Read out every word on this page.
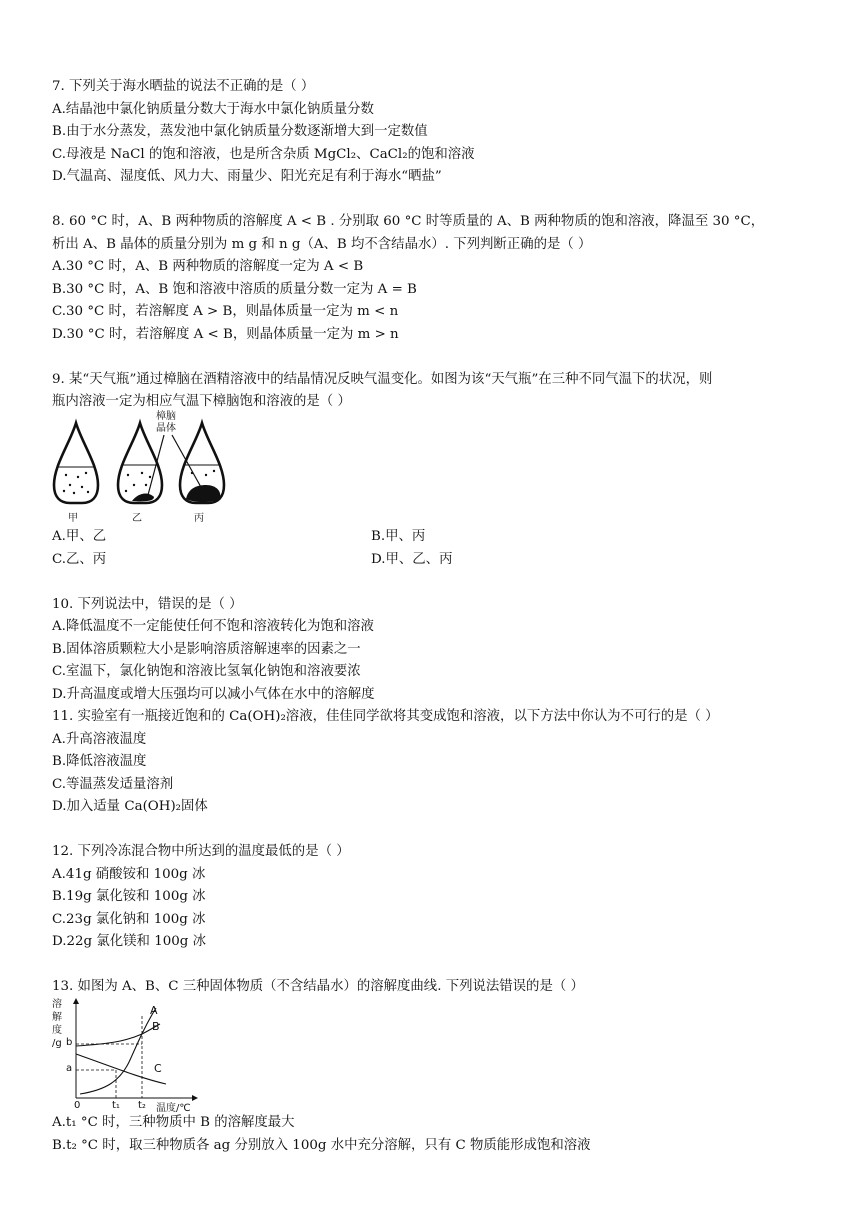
7. 下列关于海水晒盐的说法不正确的是（ ）
A.结晶池中氯化钠质量分数大于海水中氯化钠质量分数
B.由于水分蒸发，蒸发池中氯化钠质量分数逐渐增大到一定数值
C.母液是 NaCl 的饱和溶液，也是所含杂质 MgCl₂、CaCl₂的饱和溶液
D.气温高、湿度低、风力大、雨量少、阳光充足有利于海水“晒盐”
8. 60 °C 时，A、B 两种物质的溶解度 A < B . 分别取 60 °C 时等质量的 A、B 两种物质的饱和溶液，降温至 30 °C，
析出 A、B 晶体的质量分别为 m g 和 n g（A、B 均不含结晶水）. 下列判断正确的是（ ）
A.30 °C 时，A、B 两种物质的溶解度一定为 A < B
B.30 °C 时，A、B 饱和溶液中溶质的质量分数一定为 A = B
C.30 °C 时，若溶解度 A > B，则晶体质量一定为 m < n
D.30 °C 时，若溶解度 A < B，则晶体质量一定为 m > n
9. 某“天气瓶”通过樟脑在酒精溶液中的结晶情况反映气温变化。如图为该“天气瓶”在三种不同气温下的状况，则
瓶内溶液一定为相应气温下樟脑饱和溶液的是（ ）
樟脑
晶体
甲	乙	丙
A.甲、乙	B.甲、丙
C.乙、丙	D.甲、乙、丙
10. 下列说法中，错误的是（ ）
A.降低温度不一定能使任何不饱和溶液转化为饱和溶液
B.固体溶质颗粒大小是影响溶质溶解速率的因素之一
C.室温下，氯化钠饱和溶液比氢氧化钠饱和溶液要浓
D.升高温度或增大压强均可以减小气体在水中的溶解度
11. 实验室有一瓶接近饱和的 Ca(OH)₂溶液，佳佳同学欲将其变成饱和溶液，以下方法中你认为不可行的是（ ）
A.升高溶液温度
B.降低溶液温度
C.等温蒸发适量溶剂
D.加入适量 Ca(OH)₂固体
12. 下列冷冻混合物中所达到的温度最低的是（ ）
A.41g 硝酸铵和 100g 冰
B.19g 氯化铵和 100g 冰
C.23g 氯化钠和 100g 冰
D.22g 氯化镁和 100g 冰
13. 如图为 A、B、C 三种固体物质（不含结晶水）的溶解度曲线. 下列说法错误的是（ ）
溶
解
度
/g b
a
0	t₁ t₂ 温度/℃
A
B
C
A.t₁ °C 时，三种物质中 B 的溶解度最大
B.t₂ °C 时，取三种物质各 ag 分别放入 100g 水中充分溶解，只有 C 物质能形成饱和溶液
